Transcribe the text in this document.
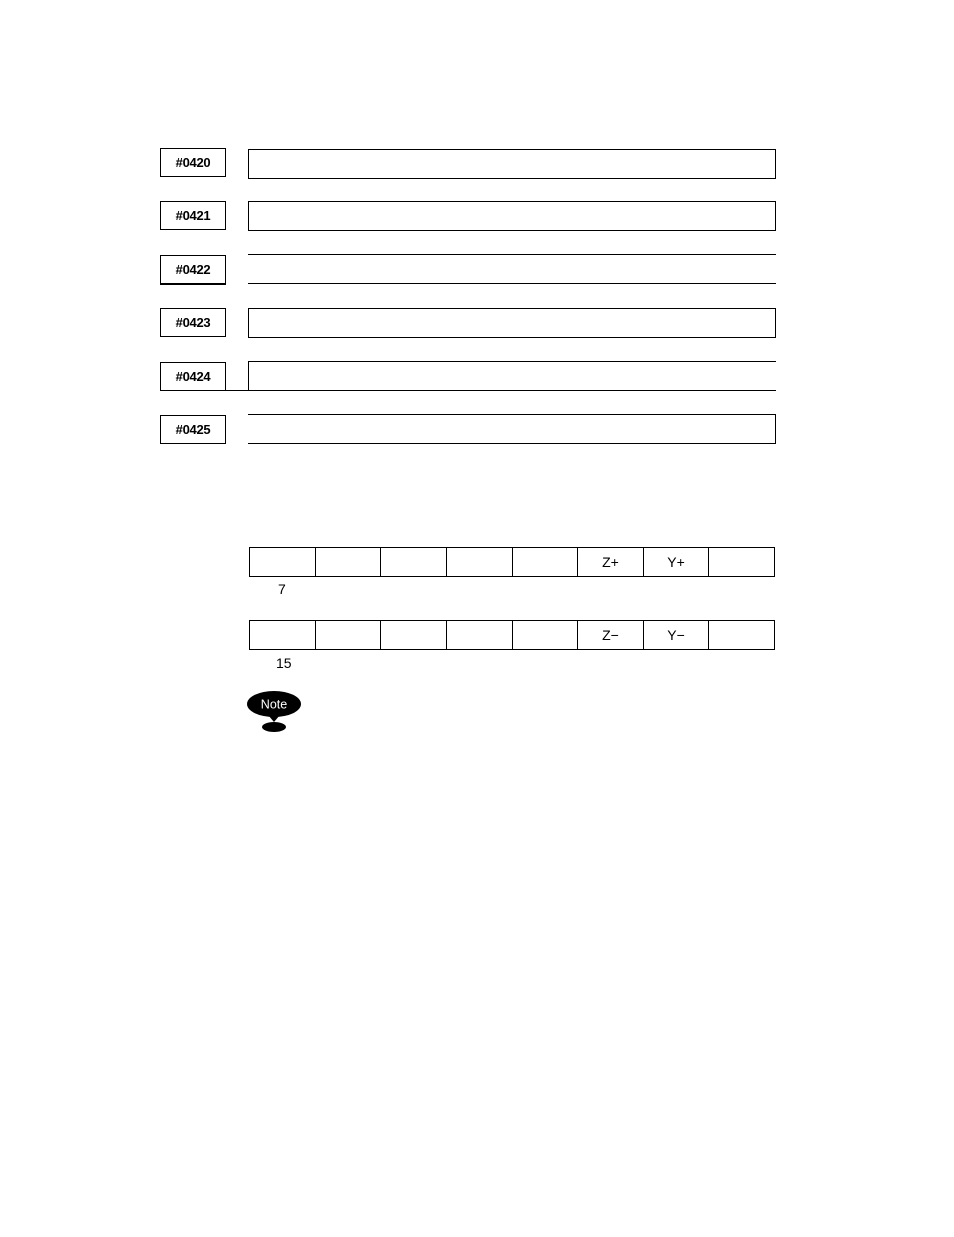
#0420
#0421
#0422
#0423
#0424
#0425
Z+	Y+
7
Z−	Y−
15
Note
